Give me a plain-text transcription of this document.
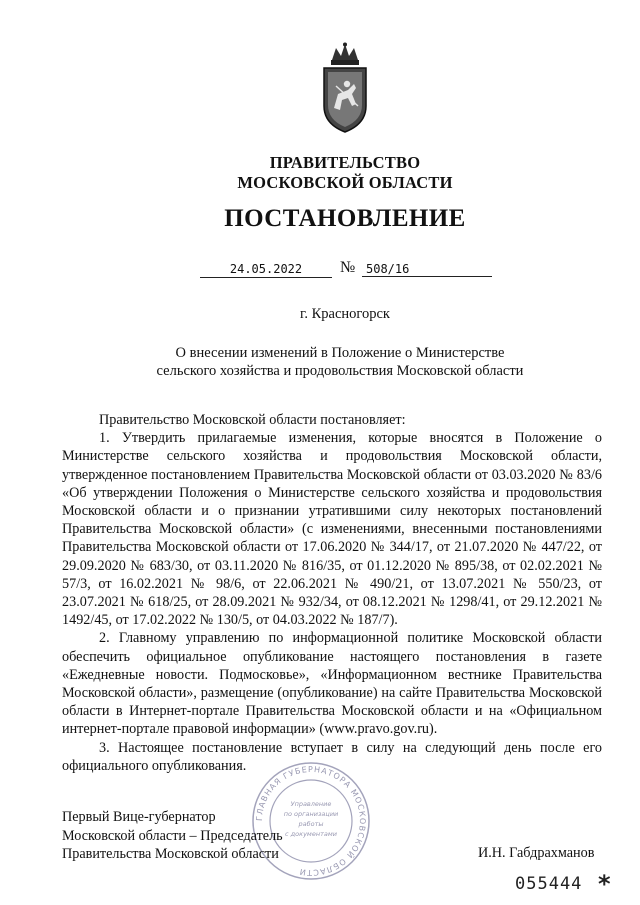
ПРАВИТЕЛЬСТВО
МОСКОВСКОЙ ОБЛАСТИ
ПОСТАНОВЛЕНИЕ
24.05.2022	№ 508/16
г. Красногорск
О внесении изменений в Положение о Министерстве
сельского хозяйства и продовольствия Московской области

Правительство Московской области постановляет:

1. Утвердить прилагаемые изменения, которые вносятся в Положение о Министерстве сельского хозяйства и продовольствия Московской области, утвержденное постановлением Правительства Московской области от 03.03.2020 № 83/6 «Об утверждении Положения о Министерстве сельского хозяйства и продовольствия Московской области и о признании утратившими силу некоторых постановлений Правительства Московской области» (с изменениями, внесенными постановлениями Правительства Московской области от 17.06.2020 № 344/17, от 21.07.2020 № 447/22, от 29.09.2020 № 683/30, от 03.11.2020 № 816/35, от 01.12.2020 № 895/38, от 02.02.2021 № 57/3, от 16.02.2021 № 98/6, от 22.06.2021 № 490/21, от 13.07.2021 № 550/23, от 23.07.2021 № 618/25, от 28.09.2021 № 932/34, от 08.12.2021 № 1298/41, от 29.12.2021 № 1492/45, от 17.02.2022 № 130/5, от 04.03.2022 № 187/7).

2. Главному управлению по информационной политике Московской области обеспечить официальное опубликование настоящего постановления в газете «Ежедневные новости. Подмосковье», «Информационном вестнике Правительства Московской области», размещение (опубликование) на сайте Правительства Московской области в Интернет-портале Правительства Московской области и на «Официальном интернет-портале правовой информации» (www.pravo.gov.ru).

3. Настоящее постановление вступает в силу на следующий день после его официального опубликования.

ГЛАВНАЯ ГУБЕРНАТОРА МОСКОВСКОЙ ОБЛАСТИ
Управление
по организации
работы
с документами
Первый Вице-губернатор
Московской области – Председатель
Правительства Московской области	И.Н. Габдрахманов
055444 *
